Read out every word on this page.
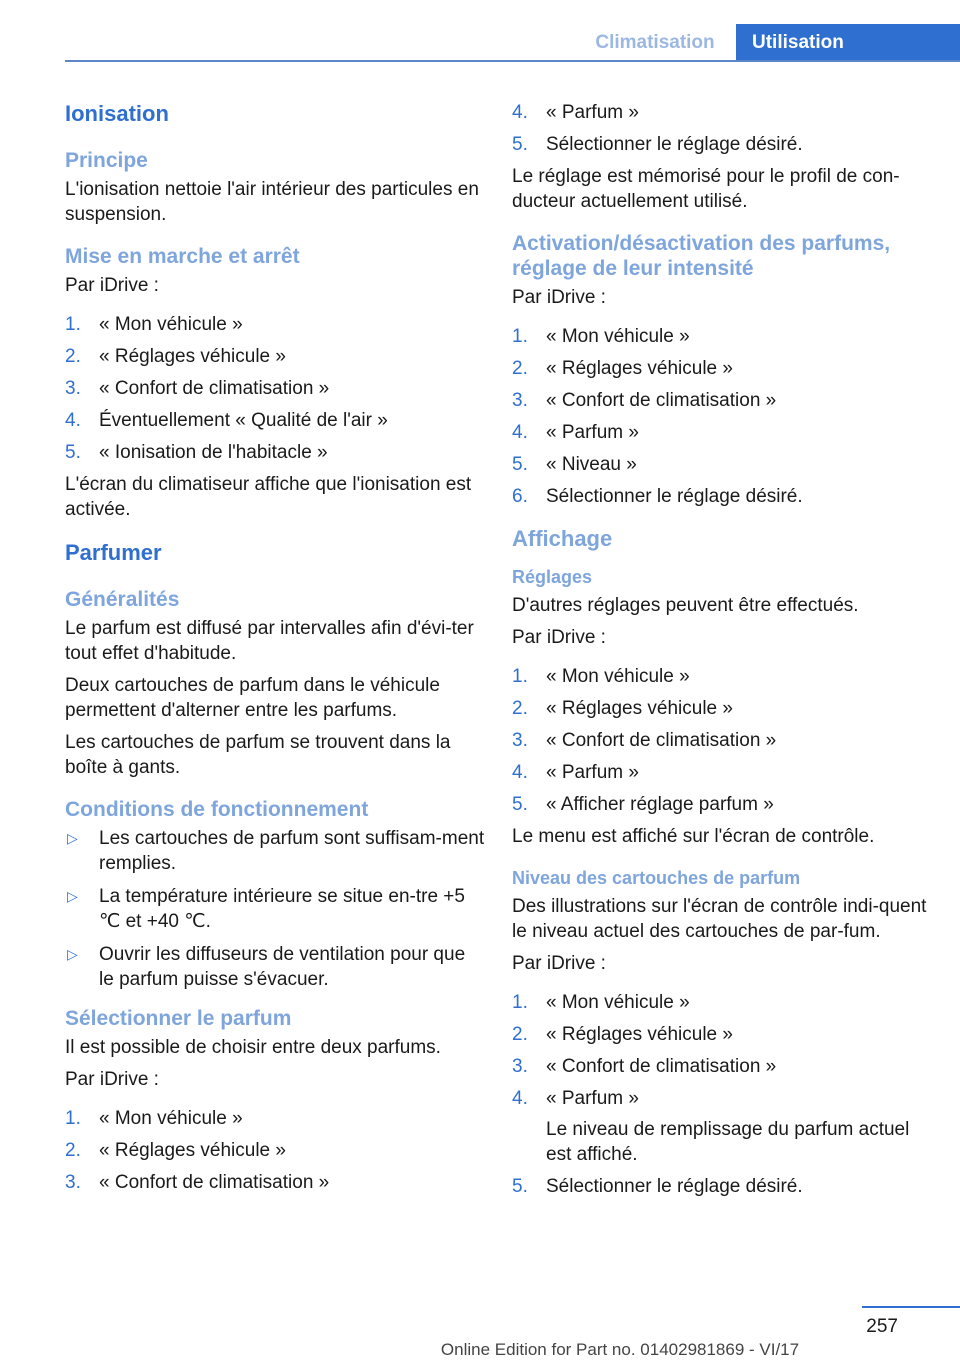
Climatisation	Utilisation
Ionisation
Principe

L'ionisation nettoie l'air intérieur des particules en suspension.

Mise en marche et arrêt

Par iDrive :

1. « Mon véhicule »
2. « Réglages véhicule »
3. « Confort de climatisation »
4. Éventuellement « Qualité de l'air »
5. « Ionisation de l'habitacle »

L'écran du climatiseur affiche que l'ionisation est activée.

Parfumer
Généralités

Le parfum est diffusé par intervalles afin d'évi‐ter tout effet d'habitude.

Deux cartouches de parfum dans le véhicule permettent d'alterner entre les parfums.

Les cartouches de parfum se trouvent dans la boîte à gants.

Conditions de fonctionnement
▷ Les cartouches de parfum sont suffisam‐ment remplies.
▷ La température intérieure se situe en‐tre +5 ℃ et +40 ℃.
▷ Ouvrir les diffuseurs de ventilation pour que le parfum puisse s'évacuer.
Sélectionner le parfum

Il est possible de choisir entre deux parfums.

Par iDrive :

1. « Mon véhicule »
2. « Réglages véhicule »
3. « Confort de climatisation »
4. « Parfum »
5. Sélectionner le réglage désiré.

Le réglage est mémorisé pour le profil de con‐ducteur actuellement utilisé.

Activation/désactivation des parfums, réglage de leur intensité

Par iDrive :

1. « Mon véhicule »
2. « Réglages véhicule »
3. « Confort de climatisation »
4. « Parfum »
5. « Niveau »
6. Sélectionner le réglage désiré.
Affichage
Réglages

D'autres réglages peuvent être effectués.

Par iDrive :

1. « Mon véhicule »
2. « Réglages véhicule »
3. « Confort de climatisation »
4. « Parfum »
5. « Afficher réglage parfum »

Le menu est affiché sur l'écran de contrôle.

Niveau des cartouches de parfum

Des illustrations sur l'écran de contrôle indi‐quent le niveau actuel des cartouches de par‐fum.

Par iDrive :

1. « Mon véhicule »
2. « Réglages véhicule »
3. « Confort de climatisation »
4. « Parfum »
Le niveau de remplissage du parfum actuel est affiché.
5. Sélectionner le réglage désiré.
257
Online Edition for Part no. 01402981869 - VI/17
